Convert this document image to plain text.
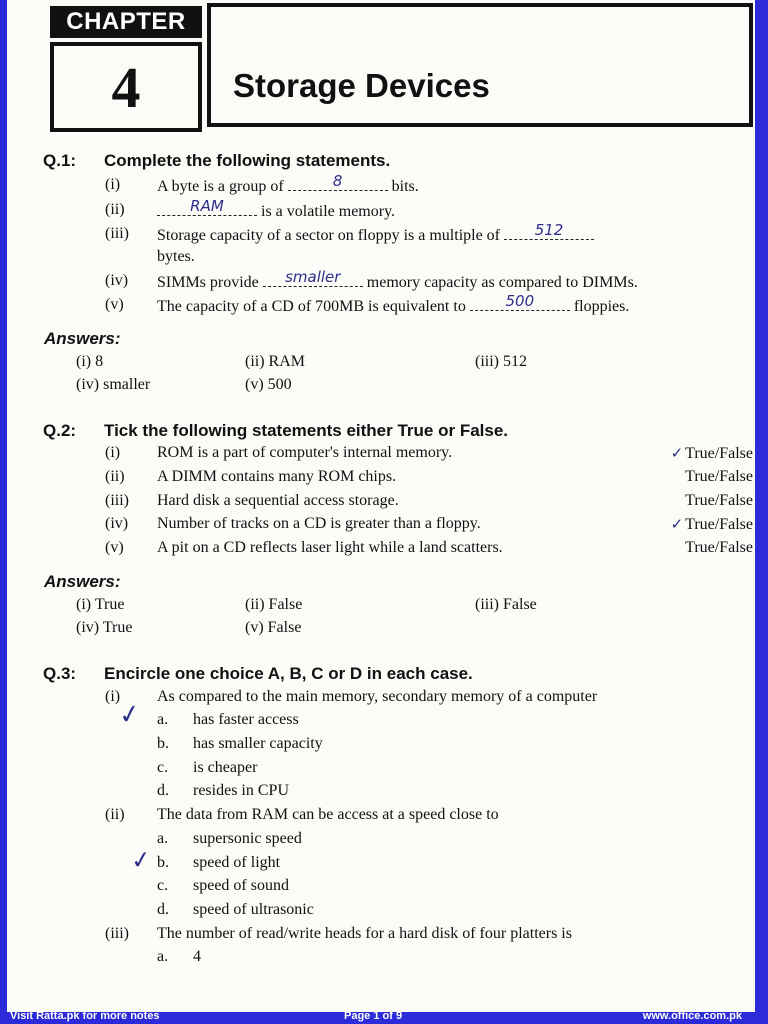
CHAPTER
4	Storage Devices
Q.1: Complete the following statements.
(i) A byte is a group of	8	bits.
(ii)	RAM	is a volatile memory.
(iii) Storage capacity of a sector on floppy is a multiple of	512
bytes.
(iv) SIMMs provide	smaller	memory capacity as compared to DIMMs.
(v) The capacity of a CD of 700MB is equivalent to	500	floppies.
Answers:
(i) 8	(ii) RAM	(iii) 512
(iv) smaller	(v) 500
Q.2: Tick the following statements either True or False.
(i) ROM is a part of computer's internal memory.	✓ True/False
(ii) A DIMM contains many ROM chips.	True/False
(iii) Hard disk a sequential access storage.	True/False
(iv) Number of tracks on a CD is greater than a floppy.	✓ True/False
(v) A pit on a CD reflects laser light while a land scatters.	True/False
Answers:
(i) True	(ii) False	(iii) False
(iv) True	(v) False
Q.3: Encircle one choice A, B, C or D in each case.
(i) As compared to the main memory, secondary memory of a computer
a. has faster access
✓
b. has smaller capacity
c. is cheaper
d. resides in CPU
(ii) The data from RAM can be access at a speed close to
a. supersonic speed
b. speed of light
✓
c. speed of sound
d. speed of ultrasonic
(iii) The number of read/write heads for a hard disk of four platters is
a. 4
Visit Ratta.pk for more notes	Page 1 of 9	www.office.com.pk
